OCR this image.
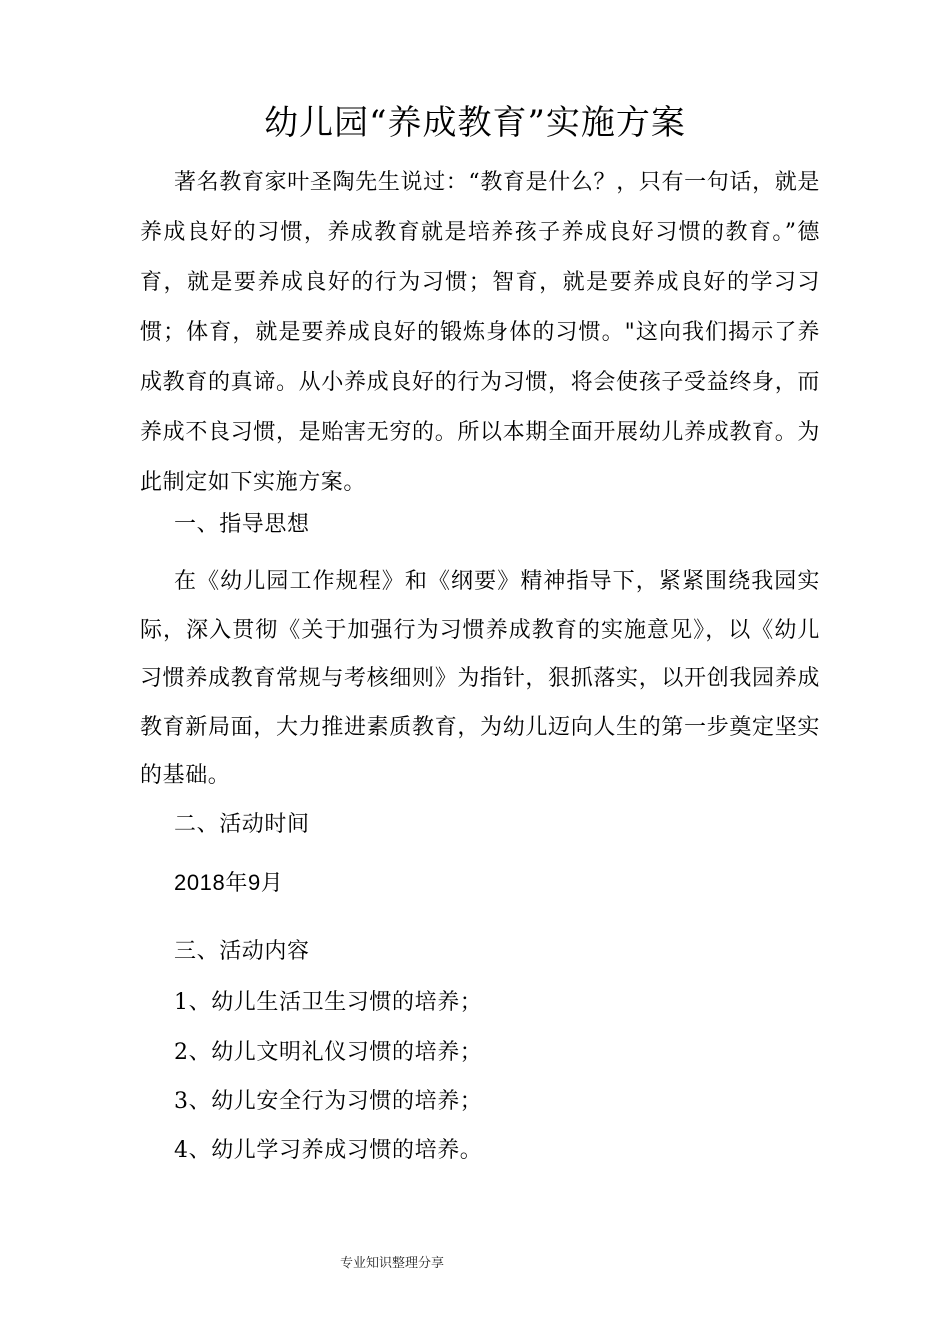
幼儿园“养成教育”实施方案
著名教育家叶圣陶先生说过：“教育是什么？，只有一句话，就是养成良好的习惯，养成教育就是培养孩子养成良好习惯的教育。”德育，就是要养成良好的行为习惯；智育，就是要养成良好的学习习惯；体育，就是要养成良好的锻炼身体的习惯。"这向我们揭示了养成教育的真谛。从小养成良好的行为习惯，将会使孩子受益终身，而养成不良习惯，是贻害无穷的。所以本期全面开展幼儿养成教育。为此制定如下实施方案。
一、指导思想
在《幼儿园工作规程》和《纲要》精神指导下，紧紧围绕我园实际，深入贯彻《关于加强行为习惯养成教育的实施意见》，以《幼儿习惯养成教育常规与考核细则》为指针，狠抓落实，以开创我园养成教育新局面，大力推进素质教育，为幼儿迈向人生的第一步奠定坚实的基础。
二、活动时间
2018年9月
三、活动内容
1、幼儿生活卫生习惯的培养；
2、幼儿文明礼仪习惯的培养；
3、幼儿安全行为习惯的培养；
4、幼儿学习养成习惯的培养。
专业知识整理分享
